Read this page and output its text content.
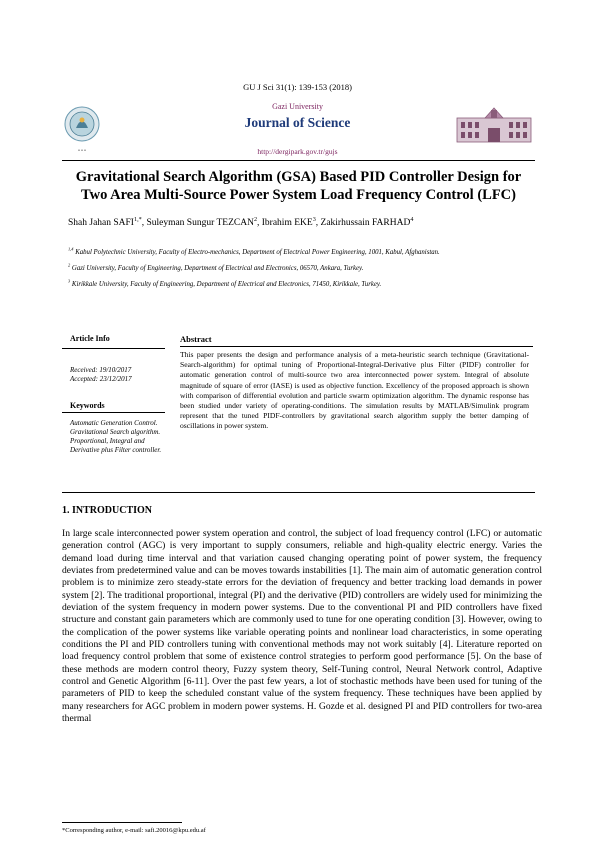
GU J Sci 31(1): 139-153 (2018)
• • •
Gazi University
Journal of Science
http://dergipark.gov.tr/gujs
Gravitational Search Algorithm (GSA) Based PID Controller Design for Two Area Multi-Source Power System Load Frequency Control (LFC)
Shah Jahan $SAFI^{1,*}$, Suleyman Sungur TEZCAN$^2$, Ibrahim EKE$^3$, Zakirhussain FARHAD$^4$
$^{1,4}$ Kabul Polytechnic University, Faculty of Electro-mechanics, Department of Electrical Power Engineering, 1001, Kabul, Afghanistan.
$^2$ Gazi University, Faculty of Engineering, Department of Electrical and Electronics, 06570, Ankara, Turkey.
$^3$ Kirikkale University, Faculty of Engineering, Department of Electrical and Electronics, 71450, Kirikkale, Turkey.
Article Info
Received: 19/10/2017
Accepted: 23/12/2017
Keywords
Automatic Generation Control.
Gravitational Search algorithm.
Proportional, Integral and Derivative plus Filter controller.
Abstract
This paper presents the design and performance analysis of a meta-heuristic search technique (Gravitational-Search-algorithm) for optimal tuning of Proportional-Integral-Derivative plus Filter (PIDF) controller for automatic generation control of multi-source two area interconnected power system. Integral of absolute magnitude of square of error (IASE) is used as objective function. Excellency of the proposed approach is shown with comparison of differential evolution and particle swarm optimization algorithm. The dynamic response has been studied under variety of operating-conditions. The simulation results by MATLAB/Simulink program represent that the tuned PIDF-controllers by gravitational search algorithm supply the better damping of oscillations in power system.
1. INTRODUCTION

In large scale interconnected power system operation and control, the subject of load frequency control (LFC) or automatic generation control (AGC) is very important to supply consumers, reliable and high-quality electric energy. Varies the demand load during time interval and that variation caused changing operating point of power system, the frequency deviates from predetermined value and can be moves towards instabilities [1]. The main aim of automatic generation control problem is to minimize zero steady-state errors for the deviation of frequency and better tracking load demands in power system [2]. The traditional proportional, integral (PI) and the derivative (PID) controllers are widely used for minimizing the deviation of the system frequency in modern power systems. Due to the conventional PI and PID controllers have fixed structure and constant gain parameters which are commonly used to tune for one operating condition [3]. However, owing to the complication of the power systems like variable operating points and nonlinear load characteristics, in some operating conditions the PI and PID controllers tuning with conventional methods may not work suitably [4]. Literature reported on load frequency control problem that some of existence control strategies to perform good performance [5]. On the base of these methods are modern control theory, Fuzzy system theory, Self-Tuning control, Neural Network control, Adaptive control and Genetic Algorithm [6-11]. Over the past few years, a lot of stochastic methods have been used for tuning of the parameters of PID to keep the scheduled constant value of the system frequency. These techniques have been applied by many researchers for AGC problem in modern power systems. H. Gozde et al. designed PI and PID controllers for two-area thermal

*Corresponding author, e-mail: safi.20016@kpu.edu.af
